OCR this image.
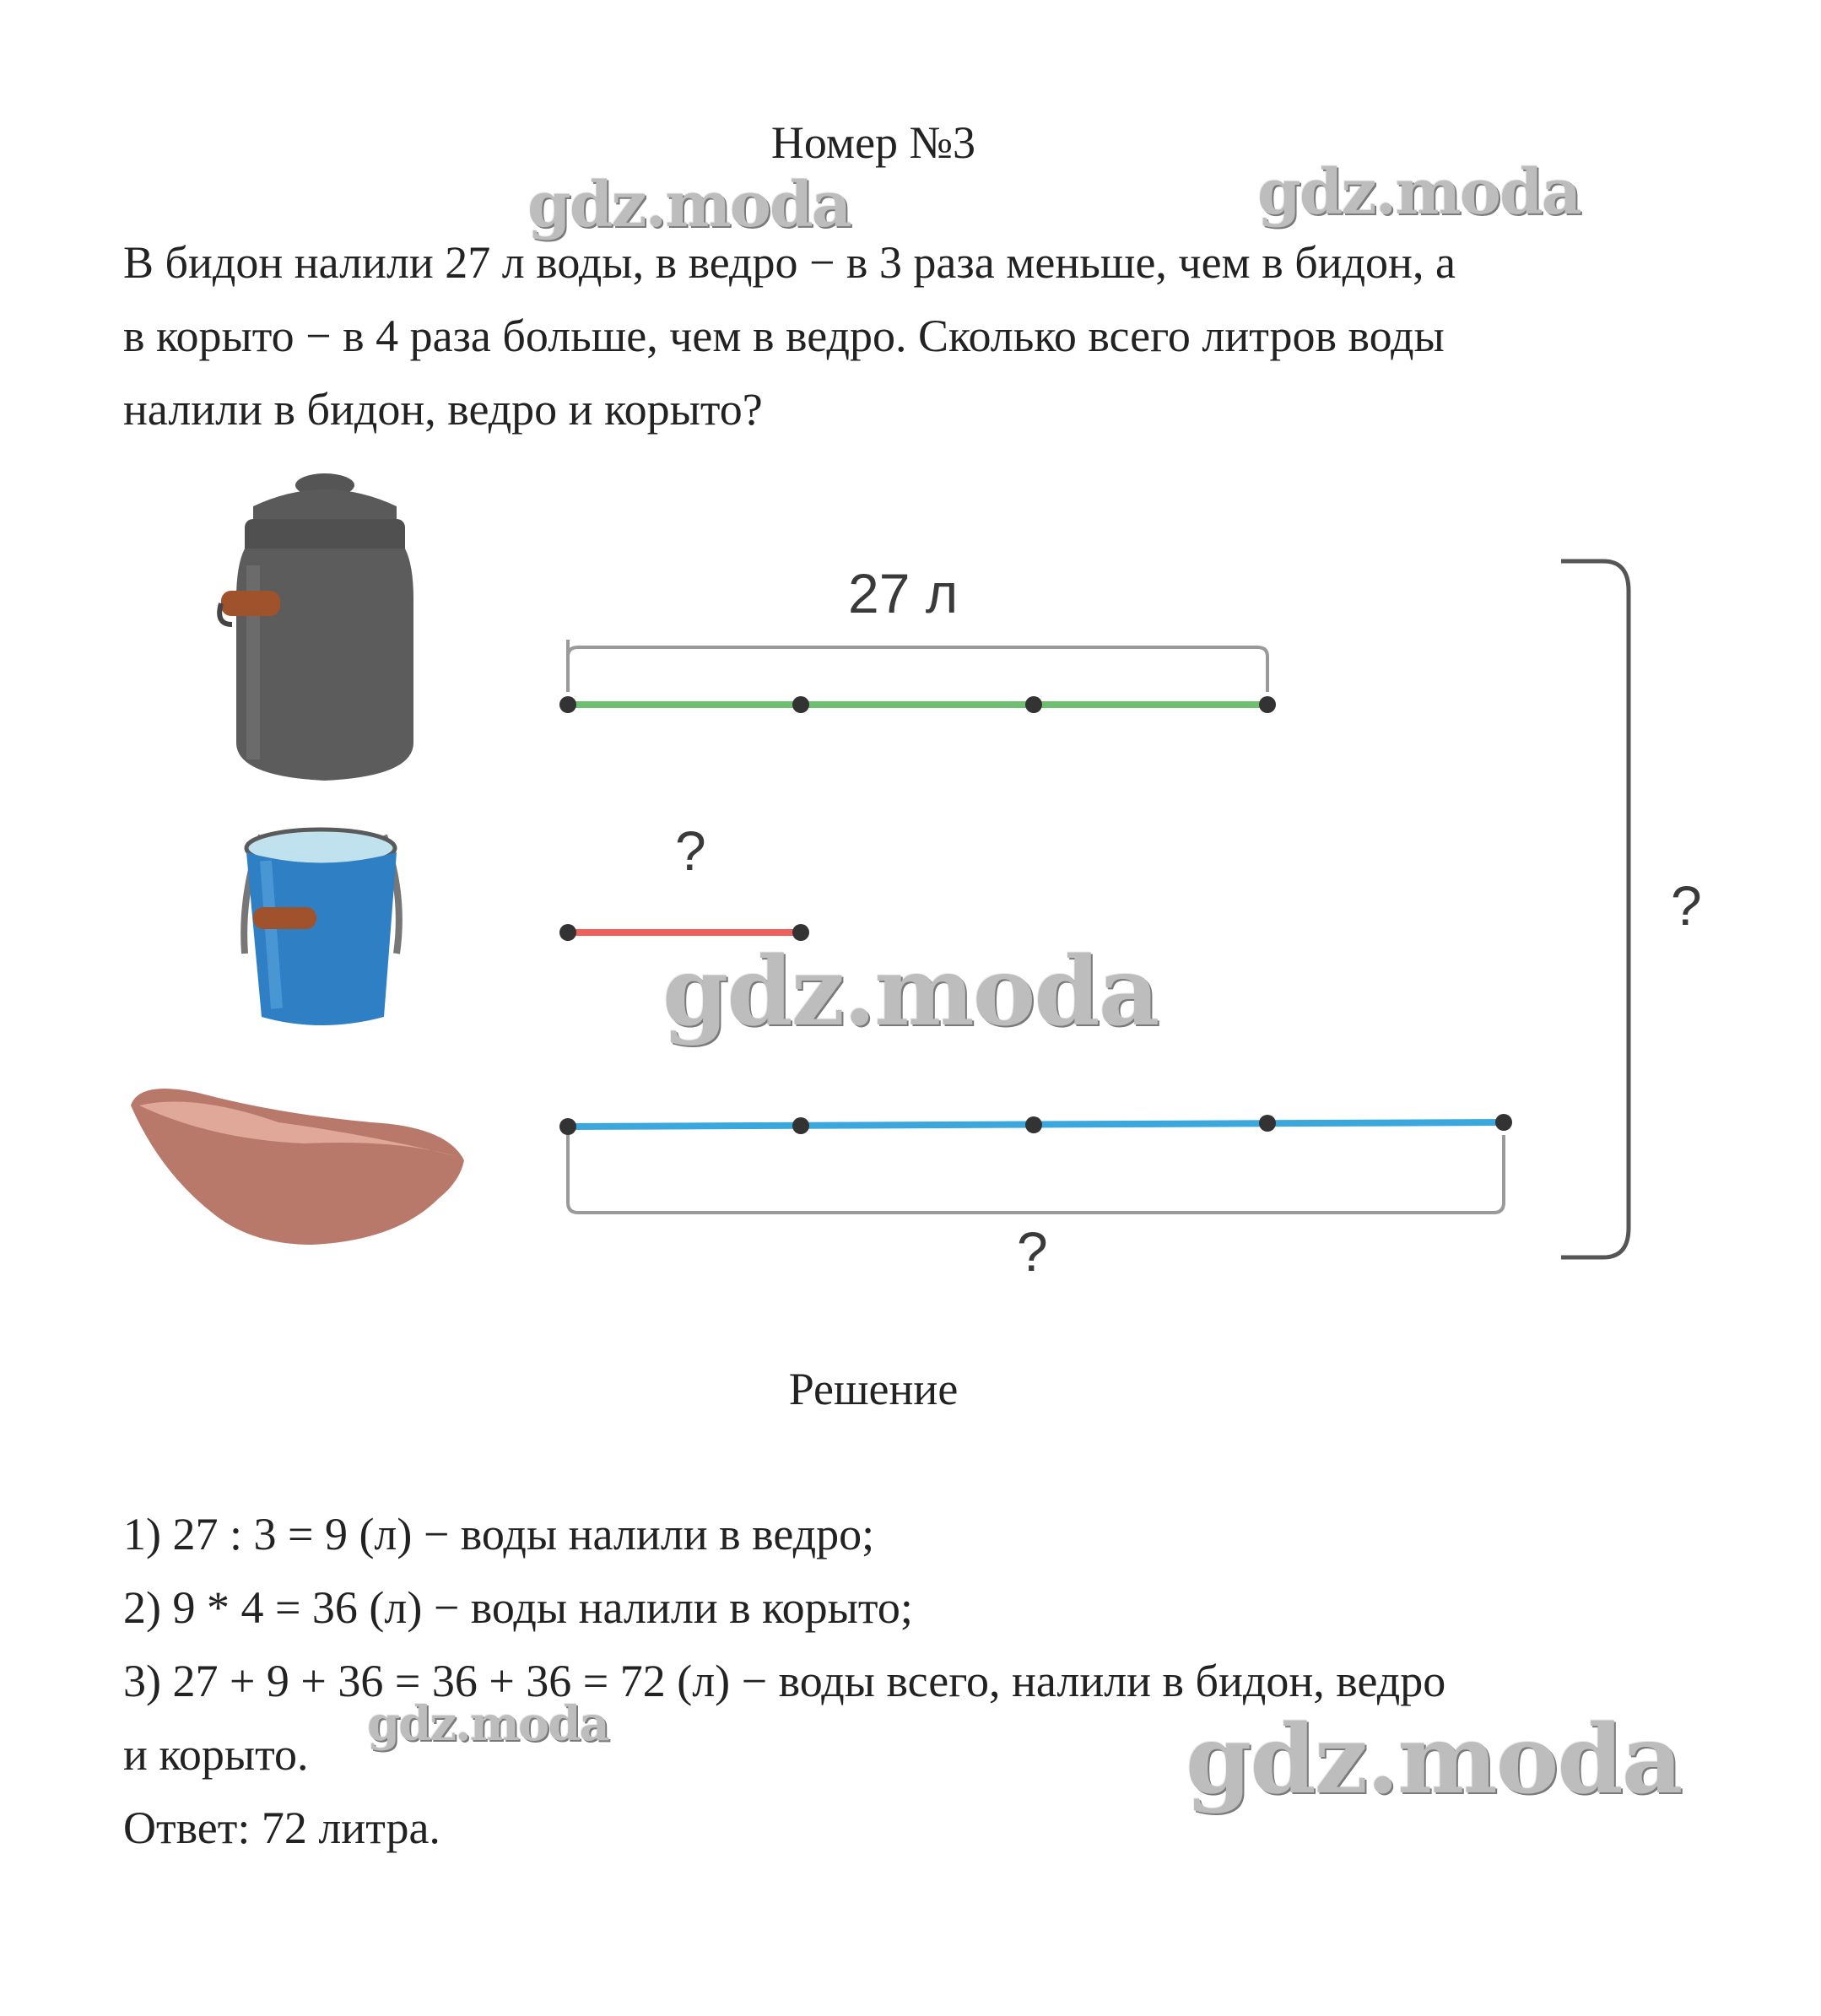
Номер №3
В бидон налили 27 л воды, в ведро − в 3 раза меньше, чем в бидон, а
в корыто − в 4 раза больше, чем в ведро. Сколько всего литров воды
налили в бидон, ведро и корыто?
27 л
?
?
?
Решение
1) 27 : 3 = 9 (л) − воды налили в ведро;
2) 9 * 4 = 36 (л) − воды налили в корыто;
3) 27 + 9 + 36 = 36 + 36 = 72 (л) − воды всего, налили в бидон, ведро
и корыто.
Ответ: 72 литра.
gdz.moda	gdz.moda
gdz.moda
gdz.moda	gdz.moda
